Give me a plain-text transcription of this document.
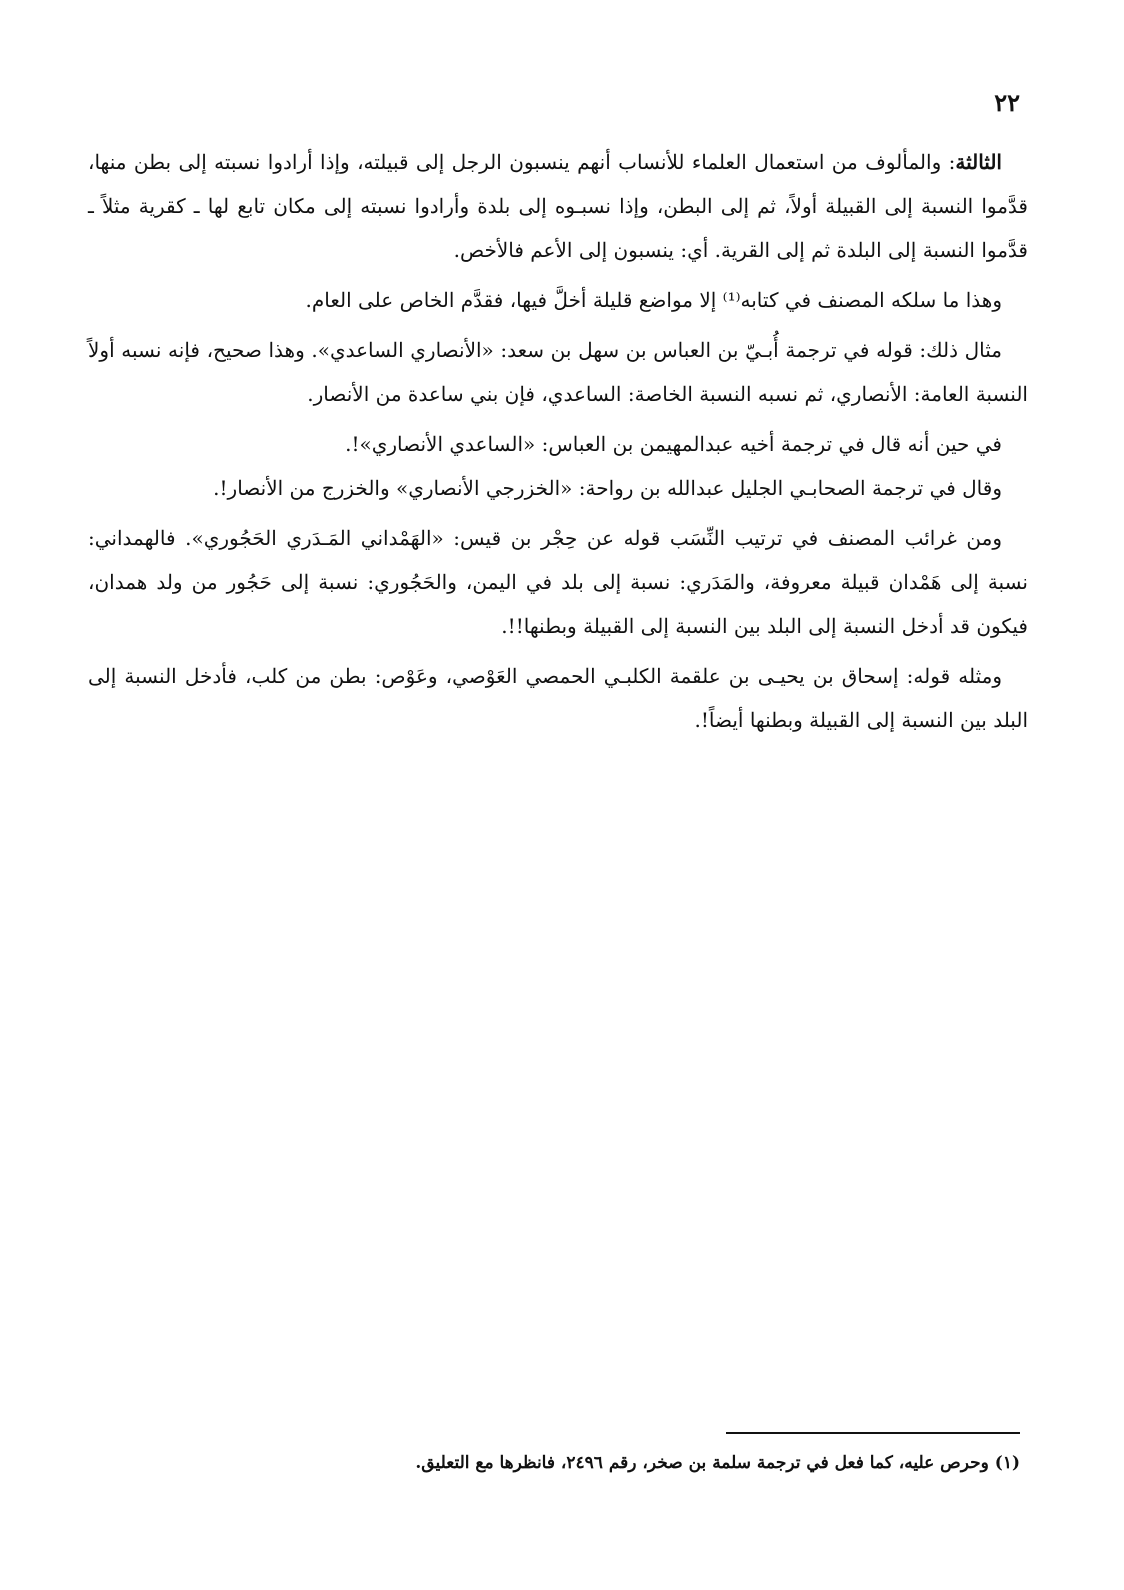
٢٢

الثالثة: والمألوف من استعمال العلماء للأنساب أنهم ينسبون الرجل إلى قبيلته، وإذا أرادوا نسبته إلى بطن منها، قدَّموا النسبة إلى القبيلة أولاً، ثم إلى البطن، وإذا نسبـوه إلى بلدة وأرادوا نسبته إلى مكان تابع لها ـ كقرية مثلاً ـ قدَّموا النسبة إلى البلدة ثم إلى القرية. أي: ينسبون إلى الأعم فالأخص.

وهذا ما سلكه المصنف في كتابه⁽¹⁾ إلا مواضع قليلة أخلَّ فيها، فقدَّم الخاص على العام.

مثال ذلك: قوله في ترجمة أُبـيّ بن العباس بن سهل بن سعد: «الأنصاري الساعدي». وهذا صحيح، فإنه نسبه أولاً النسبة العامة: الأنصاري، ثم نسبه النسبة الخاصة: الساعدي، فإن بني ساعدة من الأنصار.

في حين أنه قال في ترجمة أخيه عبدالمهيمن بن العباس: «الساعدي الأنصاري»!.

وقال في ترجمة الصحابـي الجليل عبدالله بن رواحة: «الخزرجي الأنصاري» والخزرج من الأنصار!.

ومن غرائب المصنف في ترتيب النِّسَب قوله عن حِجْر بن قيس: «الهَمْداني المَـدَري الحَجُوري». فالهمداني: نسبة إلى هَمْدان قبيلة معروفة، والمَدَري: نسبة إلى بلد في اليمن، والحَجُوري: نسبة إلى حَجُور من ولد همدان، فيكون قد أدخل النسبة إلى البلد بين النسبة إلى القبيلة وبطنها!!.

ومثله قوله: إسحاق بن يحيـى بن علقمة الكلبـي الحمصي العَوْصي، وعَوْص: بطن من كلب، فأدخل النسبة إلى البلد بين النسبة إلى القبيلة وبطنها أيضاً!.

(١) وحرص عليه، كما فعل في ترجمة سلمة بن صخر، رقم ٢٤٩٦، فانظرها مع التعليق.
